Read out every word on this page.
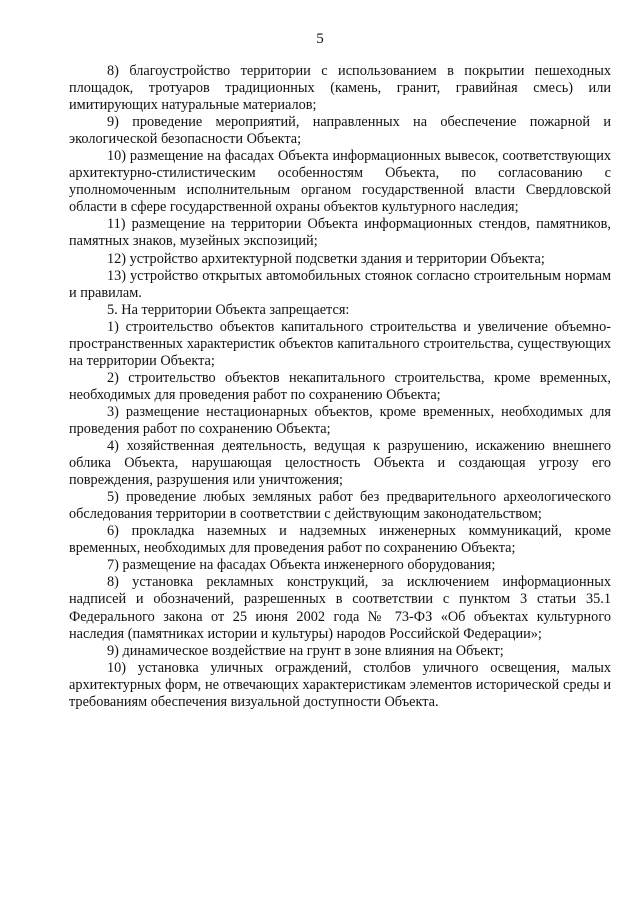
5

8) благоустройство территории с использованием в покрытии пешеходных площадок, тротуаров традиционных (камень, гранит, гравийная смесь) или имитирующих натуральные материалов;

9) проведение мероприятий, направленных на обеспечение пожарной и экологической безопасности Объекта;

10) размещение на фасадах Объекта информационных вывесок, соответствующих архитектурно-стилистическим особенностям Объекта, по согласованию с уполномоченным исполнительным органом государственной власти Свердловской области в сфере государственной охраны объектов культурного наследия;

11) размещение на территории Объекта информационных стендов, памятников, памятных знаков, музейных экспозиций;

12) устройство архитектурной подсветки здания и территории Объекта;

13) устройство открытых автомобильных стоянок согласно строительным нормам и правилам.

5. На территории Объекта запрещается:

1) строительство объектов капитального строительства и увеличение объемно-пространственных характеристик объектов капитального строительства, существующих на территории Объекта;

2) строительство объектов некапитального строительства, кроме временных, необходимых для проведения работ по сохранению Объекта;

3) размещение нестационарных объектов, кроме временных, необходимых для проведения работ по сохранению Объекта;

4) хозяйственная деятельность, ведущая к разрушению, искажению внешнего облика Объекта, нарушающая целостность Объекта и создающая угрозу его повреждения, разрушения или уничтожения;

5) проведение любых земляных работ без предварительного археологического обследования территории в соответствии с действующим законодательством;

6) прокладка наземных и надземных инженерных коммуникаций, кроме временных, необходимых для проведения работ по сохранению Объекта;

7) размещение на фасадах Объекта инженерного оборудования;

8) установка рекламных конструкций, за исключением информационных надписей и обозначений, разрешенных в соответствии с пунктом 3 статьи 35.1 Федерального закона от 25 июня 2002 года № 73-ФЗ «Об объектах культурного наследия (памятниках истории и культуры) народов Российской Федерации»;

9) динамическое воздействие на грунт в зоне влияния на Объект;

10) установка уличных ограждений, столбов уличного освещения, малых архитектурных форм, не отвечающих характеристикам элементов исторической среды и требованиям обеспечения визуальной доступности Объекта.
